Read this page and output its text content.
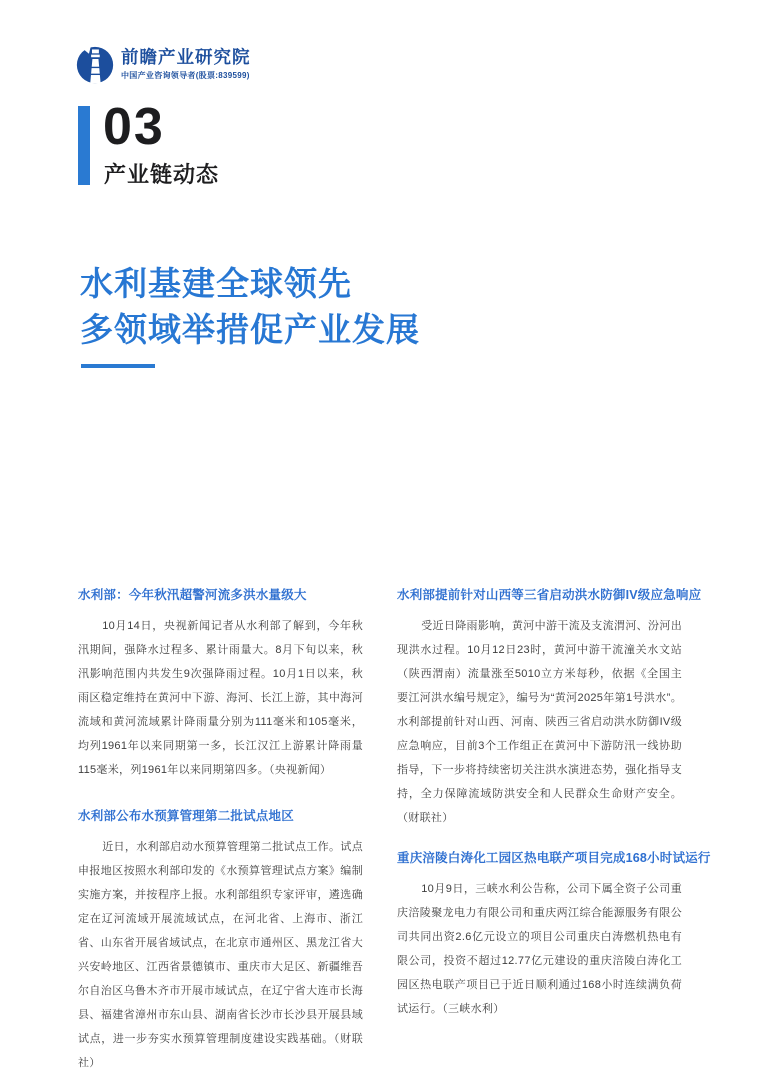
前瞻产业研究院
中国产业咨询领导者(股票:839599)
03
产业链动态
水利基建全球领先
多领域举措促产业发展
水利部：今年秋汛超警河流多洪水量级大

10月14日，央视新闻记者从水利部了解到，今年秋汛期间，强降水过程多、累计雨量大。8月下旬以来，秋汛影响范围内共发生9次强降雨过程。10月1日以来，秋雨区稳定维持在黄河中下游、海河、长江上游，其中海河流域和黄河流域累计降雨量分别为111毫米和105毫米，均列1961年以来同期第一多，长江汉江上游累计降雨量115毫米，列1961年以来同期第四多。（央视新闻）

水利部公布水预算管理第二批试点地区

近日，水利部启动水预算管理第二批试点工作。试点申报地区按照水利部印发的《水预算管理试点方案》编制实施方案，并按程序上报。水利部组织专家评审，遴选确定在辽河流域开展流域试点，在河北省、上海市、浙江省、山东省开展省域试点，在北京市通州区、黑龙江省大兴安岭地区、江西省景德镇市、重庆市大足区、新疆维吾尔自治区乌鲁木齐市开展市域试点，在辽宁省大连市长海县、福建省漳州市东山县、湖南省长沙市长沙县开展县域试点，进一步夯实水预算管理制度建设实践基础。（财联社）

水利部提前针对山西等三省启动洪水防御IV级应急响应

受近日降雨影响，黄河中游干流及支流渭河、汾河出现洪水过程。10月12日23时，黄河中游干流潼关水文站（陕西渭南）流量涨至5010立方米每秒，依据《全国主要江河洪水编号规定》，编号为“黄河2025年第1号洪水”。水利部提前针对山西、河南、陕西三省启动洪水防御IV级应急响应，目前3个工作组正在黄河中下游防汛一线协助指导，下一步将持续密切关注洪水演进态势，强化指导支持，全力保障流域防洪安全和人民群众生命财产安全。（财联社）

重庆涪陵白涛化工园区热电联产项目完成168小时试运行

10月9日，三峡水利公告称，公司下属全资子公司重庆涪陵聚龙电力有限公司和重庆两江综合能源服务有限公司共同出资2.6亿元设立的项目公司重庆白涛燃机热电有限公司，投资不超过12.77亿元建设的重庆涪陵白涛化工园区热电联产项目已于近日顺利通过168小时连续满负荷试运行。（三峡水利）
